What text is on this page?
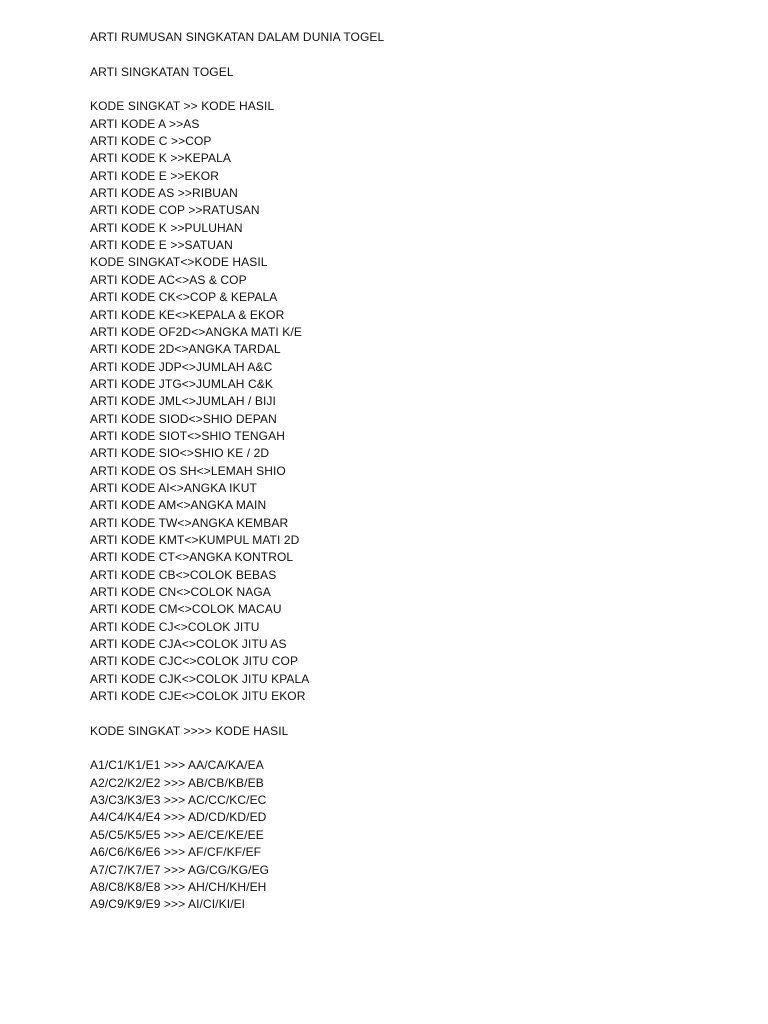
ARTI RUMUSAN SINGKATAN DALAM DUNIA TOGEL
ARTI SINGKATAN TOGEL
KODE SINGKAT >> KODE HASIL
ARTI KODE A >>AS
ARTI KODE C >>COP
ARTI KODE K >>KEPALA
ARTI KODE E >>EKOR
ARTI KODE AS >>RIBUAN
ARTI KODE COP >>RATUSAN
ARTI KODE K >>PULUHAN
ARTI KODE E >>SATUAN
KODE SINGKAT<>KODE HASIL
ARTI KODE AC<>AS & COP
ARTI KODE CK<>COP & KEPALA
ARTI KODE KE<>KEPALA & EKOR
ARTI KODE OF2D<>ANGKA MATI K/E
ARTI KODE 2D<>ANGKA TARDAL
ARTI KODE JDP<>JUMLAH A&C
ARTI KODE JTG<>JUMLAH C&K
ARTI KODE JML<>JUMLAH / BIJI
ARTI KODE SIOD<>SHIO DEPAN
ARTI KODE SIOT<>SHIO TENGAH
ARTI KODE SIO<>SHIO KE / 2D
ARTI KODE OS SH<>LEMAH SHIO
ARTI KODE AI<>ANGKA IKUT
ARTI KODE AM<>ANGKA MAIN
ARTI KODE TW<>ANGKA KEMBAR
ARTI KODE KMT<>KUMPUL MATI 2D
ARTI KODE CT<>ANGKA KONTROL
ARTI KODE CB<>COLOK BEBAS
ARTI KODE CN<>COLOK NAGA
ARTI KODE CM<>COLOK MACAU
ARTI KODE CJ<>COLOK JITU
ARTI KODE CJA<>COLOK JITU AS
ARTI KODE CJC<>COLOK JITU COP
ARTI KODE CJK<>COLOK JITU KPALA
ARTI KODE CJE<>COLOK JITU EKOR
KODE SINGKAT >>>> KODE HASIL
A1/C1/K1/E1 >>> AA/CA/KA/EA
A2/C2/K2/E2 >>> AB/CB/KB/EB
A3/C3/K3/E3 >>> AC/CC/KC/EC
A4/C4/K4/E4 >>> AD/CD/KD/ED
A5/C5/K5/E5 >>> AE/CE/KE/EE
A6/C6/K6/E6 >>> AF/CF/KF/EF
A7/C7/K7/E7 >>> AG/CG/KG/EG
A8/C8/K8/E8 >>> AH/CH/KH/EH
A9/C9/K9/E9 >>> AI/CI/KI/EI
